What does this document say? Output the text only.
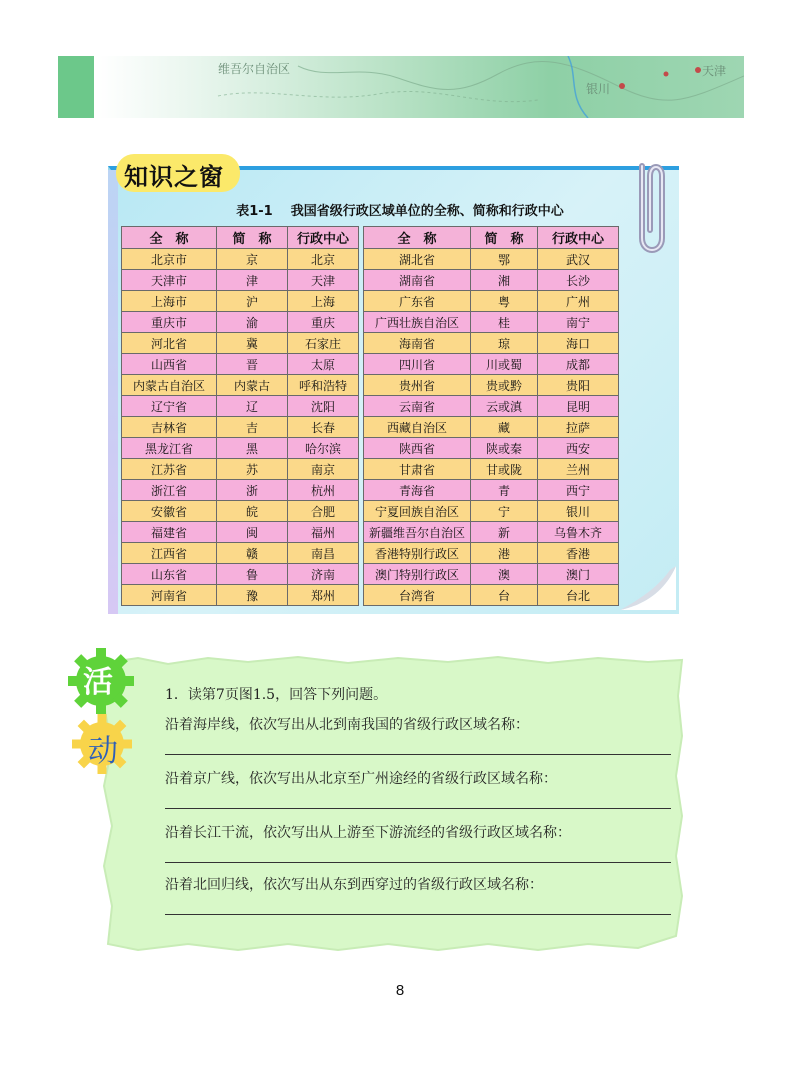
维吾尔自治区
银川
天津
知识之窗
表1-1 我国省级行政区域单位的全称、简称和行政中心
全　称	简　称	行政中心		全　称	简　称	行政中心
北京市	京	北京		湖北省	鄂	武汉
天津市	津	天津		湖南省	湘	长沙
上海市	沪	上海		广东省	粤	广州
重庆市	渝	重庆		广西壮族自治区	桂	南宁
河北省	冀	石家庄		海南省	琼	海口
山西省	晋	太原		四川省	川或蜀	成都
内蒙古自治区	内蒙古	呼和浩特		贵州省	贵或黔	贵阳
辽宁省	辽	沈阳		云南省	云或滇	昆明
吉林省	吉	长春		西藏自治区	藏	拉萨
黑龙江省	黑	哈尔滨		陕西省	陕或秦	西安
江苏省	苏	南京		甘肃省	甘或陇	兰州
浙江省	浙	杭州		青海省	青	西宁
安徽省	皖	合肥		宁夏回族自治区	宁	银川
福建省	闽	福州		新疆维吾尔自治区	新	乌鲁木齐
江西省	赣	南昌		香港特别行政区	港	香港
山东省	鲁	济南		澳门特别行政区	澳	澳门
河南省	豫	郑州		台湾省	台	台北
活
动
1．读第7页图1.5，回答下列问题。
沿着海岸线，依次写出从北到南我国的省级行政区域名称：
沿着京广线，依次写出从北京至广州途经的省级行政区域名称：
沿着长江干流，依次写出从上游至下游流经的省级行政区域名称：
沿着北回归线，依次写出从东到西穿过的省级行政区域名称：
8
